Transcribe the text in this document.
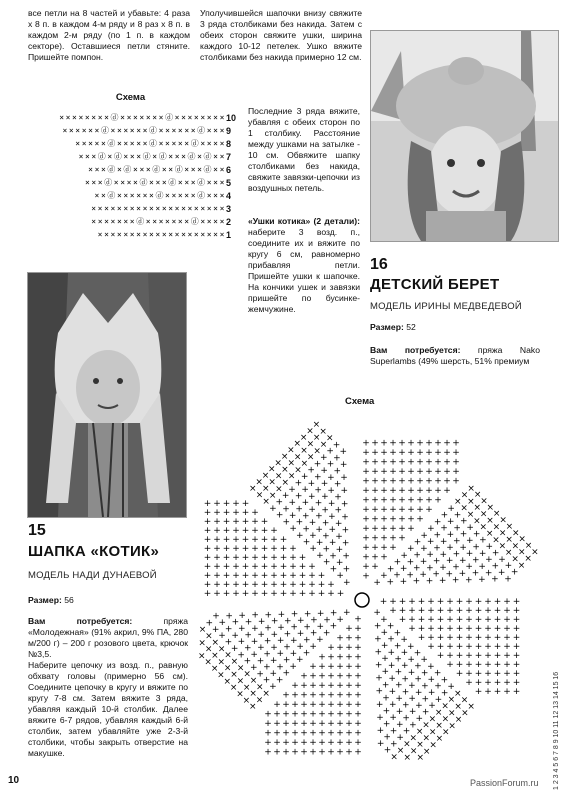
все петли на 8 частей и убавьте: 4 раза х 8 п. в каждом 4-м ряду и 8 раз х 8 п. в каждом 2-м ряду (по 1 п. в каждом секторе). Оставшиеся петли стяните. Пришейте помпон.

Схема
××××××××ⓓ×××××××ⓓ×××××××× 10
××××××ⓓ××××××ⓓ××××××ⓓ××× 9
×××××ⓓ×××××ⓓ×××××ⓓ×××× 8
×××ⓓ×ⓓ×××ⓓ×ⓓ×××ⓓ×ⓓ×× 7
×××ⓓ×ⓓ×××ⓓ××ⓓ×××ⓓ×× 6
×××ⓓ××××ⓓ×××ⓓ×××ⓓ××× 5
××ⓓ××××××ⓓ×××××ⓓ××× 4
××××××××××××××××××××× 3
×××××××ⓓ×××××××ⓓ×××× 2
×××××××××××××××××××× 1

Уполучившейся шапочки внизу свяжите 3 ряда столбиками без накида. Затем с обеих сторон свяжите ушки, ширина каждого 10-12 петелек. Ушко вяжите столбиками без накида примерно 12 см.

Последние 3 ряда вяжите, убавляя с обеих сторон по 1 столбику. Расстояние между ушками на затылке - 10 см. Обвяжите шапку столбиками без накида, свяжите завязки-цепочки из воздушных петель.

«Ушки котика» (2 детали): наберите 3 возд. п., соедините их и вяжите по кругу 6 см, равномерно прибавляя петли. Пришейте ушки к шапочке. На кончики ушек и завязки пришейте по бусинке-жемчужине.

16
ДЕТСКИЙ БЕРЕТ
МОДЕЛЬ ИРИНЫ МЕДВЕДЕВОЙ
Размер: 52
Вам потребуется: пряжа Nako Superlambs (49% шерсть, 51% премиум
15
ШАПКА «КОТИК»
МОДЕЛЬ НАДИ ДУНАЕВОЙ
Размер: 56
Вам потребуется: пряжа «Молодежная» (91% акрил, 9% ПА, 280 м/200 г) – 200 г розового цвета, крючок №3,5.

Наберите цепочку из возд. п., равную обхвату головы (примерно 56 см). Соедините цепочку в кругу и вяжите по кругу 7-8 см. Затем вяжите 3 ряда, убавляя каждый 10-й столбик. Далее вяжите 6-7 рядов, убавляя каждый 6-й столбик, затем убавляйте уже 2-3-й столбики, чтобы закрыть отверстие на макушке.

Схема
+
+ +
+ + +
+ + + +
+ + + + +
+ + + + + +
+ + + + + + +
+ + + + + + + +
+ + + + + + + + +
+ + + + + + + + + +
+ + + + + + + + + + +
+ + + + + + + + + + +
+ + + + + + + + + + +
+ + + + + + + + + + +
+ + + + + + + + + + +
+
+
+
+
+
+
+
+
+
+
+
+
+
+
+
+
+
+
+
+
+
+
+
+
+
+
+
+
+
+
+
+
+
+
+
+
+
+
+
+
+
+
+
+
+
+
+
+
+
+
+
+
+
+
+
+
+
+
+
+
+
+
+
+
+
+
+
+
+
+
+
+
+
+
+
+
+
×
×
×
×
×
×
×
×
×
×
×
×
×
×
×
×
×
×
×
×
×
×
×
×
×
×
×
×
×
×
×
×
×
+ +
+
+
+
+
+
+
+
+
+
+
+
+
+
+
+
+
+
+
+
+
+
+
+
+
+
+
+
+
+
+
+
+
+
+
+
+
+
+
+
+
+
+
+
+
+
+
+
+
+
+
+
+
+
+
+
+
+
+
+
+
+
+
+
+
+
+
+
+
+
+
+
+
+
+
+
+
+
+
+
+
+
+
+
+
+
+
+
+
+
+
+
+
+
+
+
+
+
+
+
+
+
+
+
+
+
+
+
+
+
+
+ +
+
+
+
+
+
+
+
+
+
+
+
+
+
+
+
+
+
+
+
+
+
+
+
+
+
+
+
+
+
+
+
+
+
+
+
+
+
+
+
+
+
+
+
+
+
+
+
+
+
+
+
+
+
+
+
+
+
+
+
+
+
+
+
+
+
+
+
+
+
+
+
+
+
×
×
×
×
×
×
×
×
×
×
×
×
×
×
×
×
×
×
×
×
×
×
×
×
×
×
×
×
×
×
+
+
+
+
+
+
+
+
+
+
+
+
+
+
+
+
+
+
+
+
+
+
+
+
+
+
+
+
+
+
+
+
+
+
+
+
+
+
+
+
+
+
+
+
+
+
+
+
+
+
+
+
+
+
+
+
+
+
+
+
+
+
+
+
+
+
+
+
+
+
+
+
+
+
+
+
+
+
+
+
+
+
+
+
+
+
+
+
+
+
+
+
+
+
+
+
+
+
+
+
+
+
+
+
+
+
+
+
+
+
+
+
+
+
+
+
+
+
+
+
+
+
+
+
+
+
+
+
+
+
+
+
+
+
+
+
+
+
+
+
+
+
+
+
+
+
+
+
+
+
+
+
+
+
+
+
+
+
+
+
+
+
+
+
+
+
+
+
+
+
+
+
+
+
+
+
+
+
+
+
+
+
+
+
+
+
+
×
×
×
×
×
×
×
×
×
×
×
×
×
×
×
×
×
×
×
×
×
×
×
×
×
×
×
×
×
×
+
+
+
+
+
+
+
+
+
+
+
+
+
+
+
+
+
+
+
+
+
+
+
+
+
+
+
+
+
+
+
+
+
+
+
+
+
+
+
+
+
+
+
+
+
+
+
+
+
+
+
+
+
+
+
+
+
+
+
+
+
+
+
+
+
+
+
+
+
+
+
+
+
+
+
+
+
+
+
+
+
+
+
+
+
+
+
+
+
+
+
+
+
+
+
+
+
+
+
+
+
+
+
+
+
+
+
+
+
+
+
+
+
+
+
+
+
+
+
+
+
+
+
+
+
+
+
+
+
+
+
+
+
+
+
+
+
+
+
+
+
+
+
+
+
+
+
+
+
+
+
+
+
+
+
+
+
+
+
+
+
+
+
+
+
+
+
+
+
+
+
+
+
+
+
+
+
+
+
+
+
+
+
+
+
+
+
×
×
×
×
×
×
×
×
×
×
×
×
×
×
×
×
×
×
×
×
×
×
×
×
×
×
×
×
×
×
×
×
×
10	PassionForum.ru 1 2 3 4 5 6 7 8 9 10 11 12 13 14 15 16
